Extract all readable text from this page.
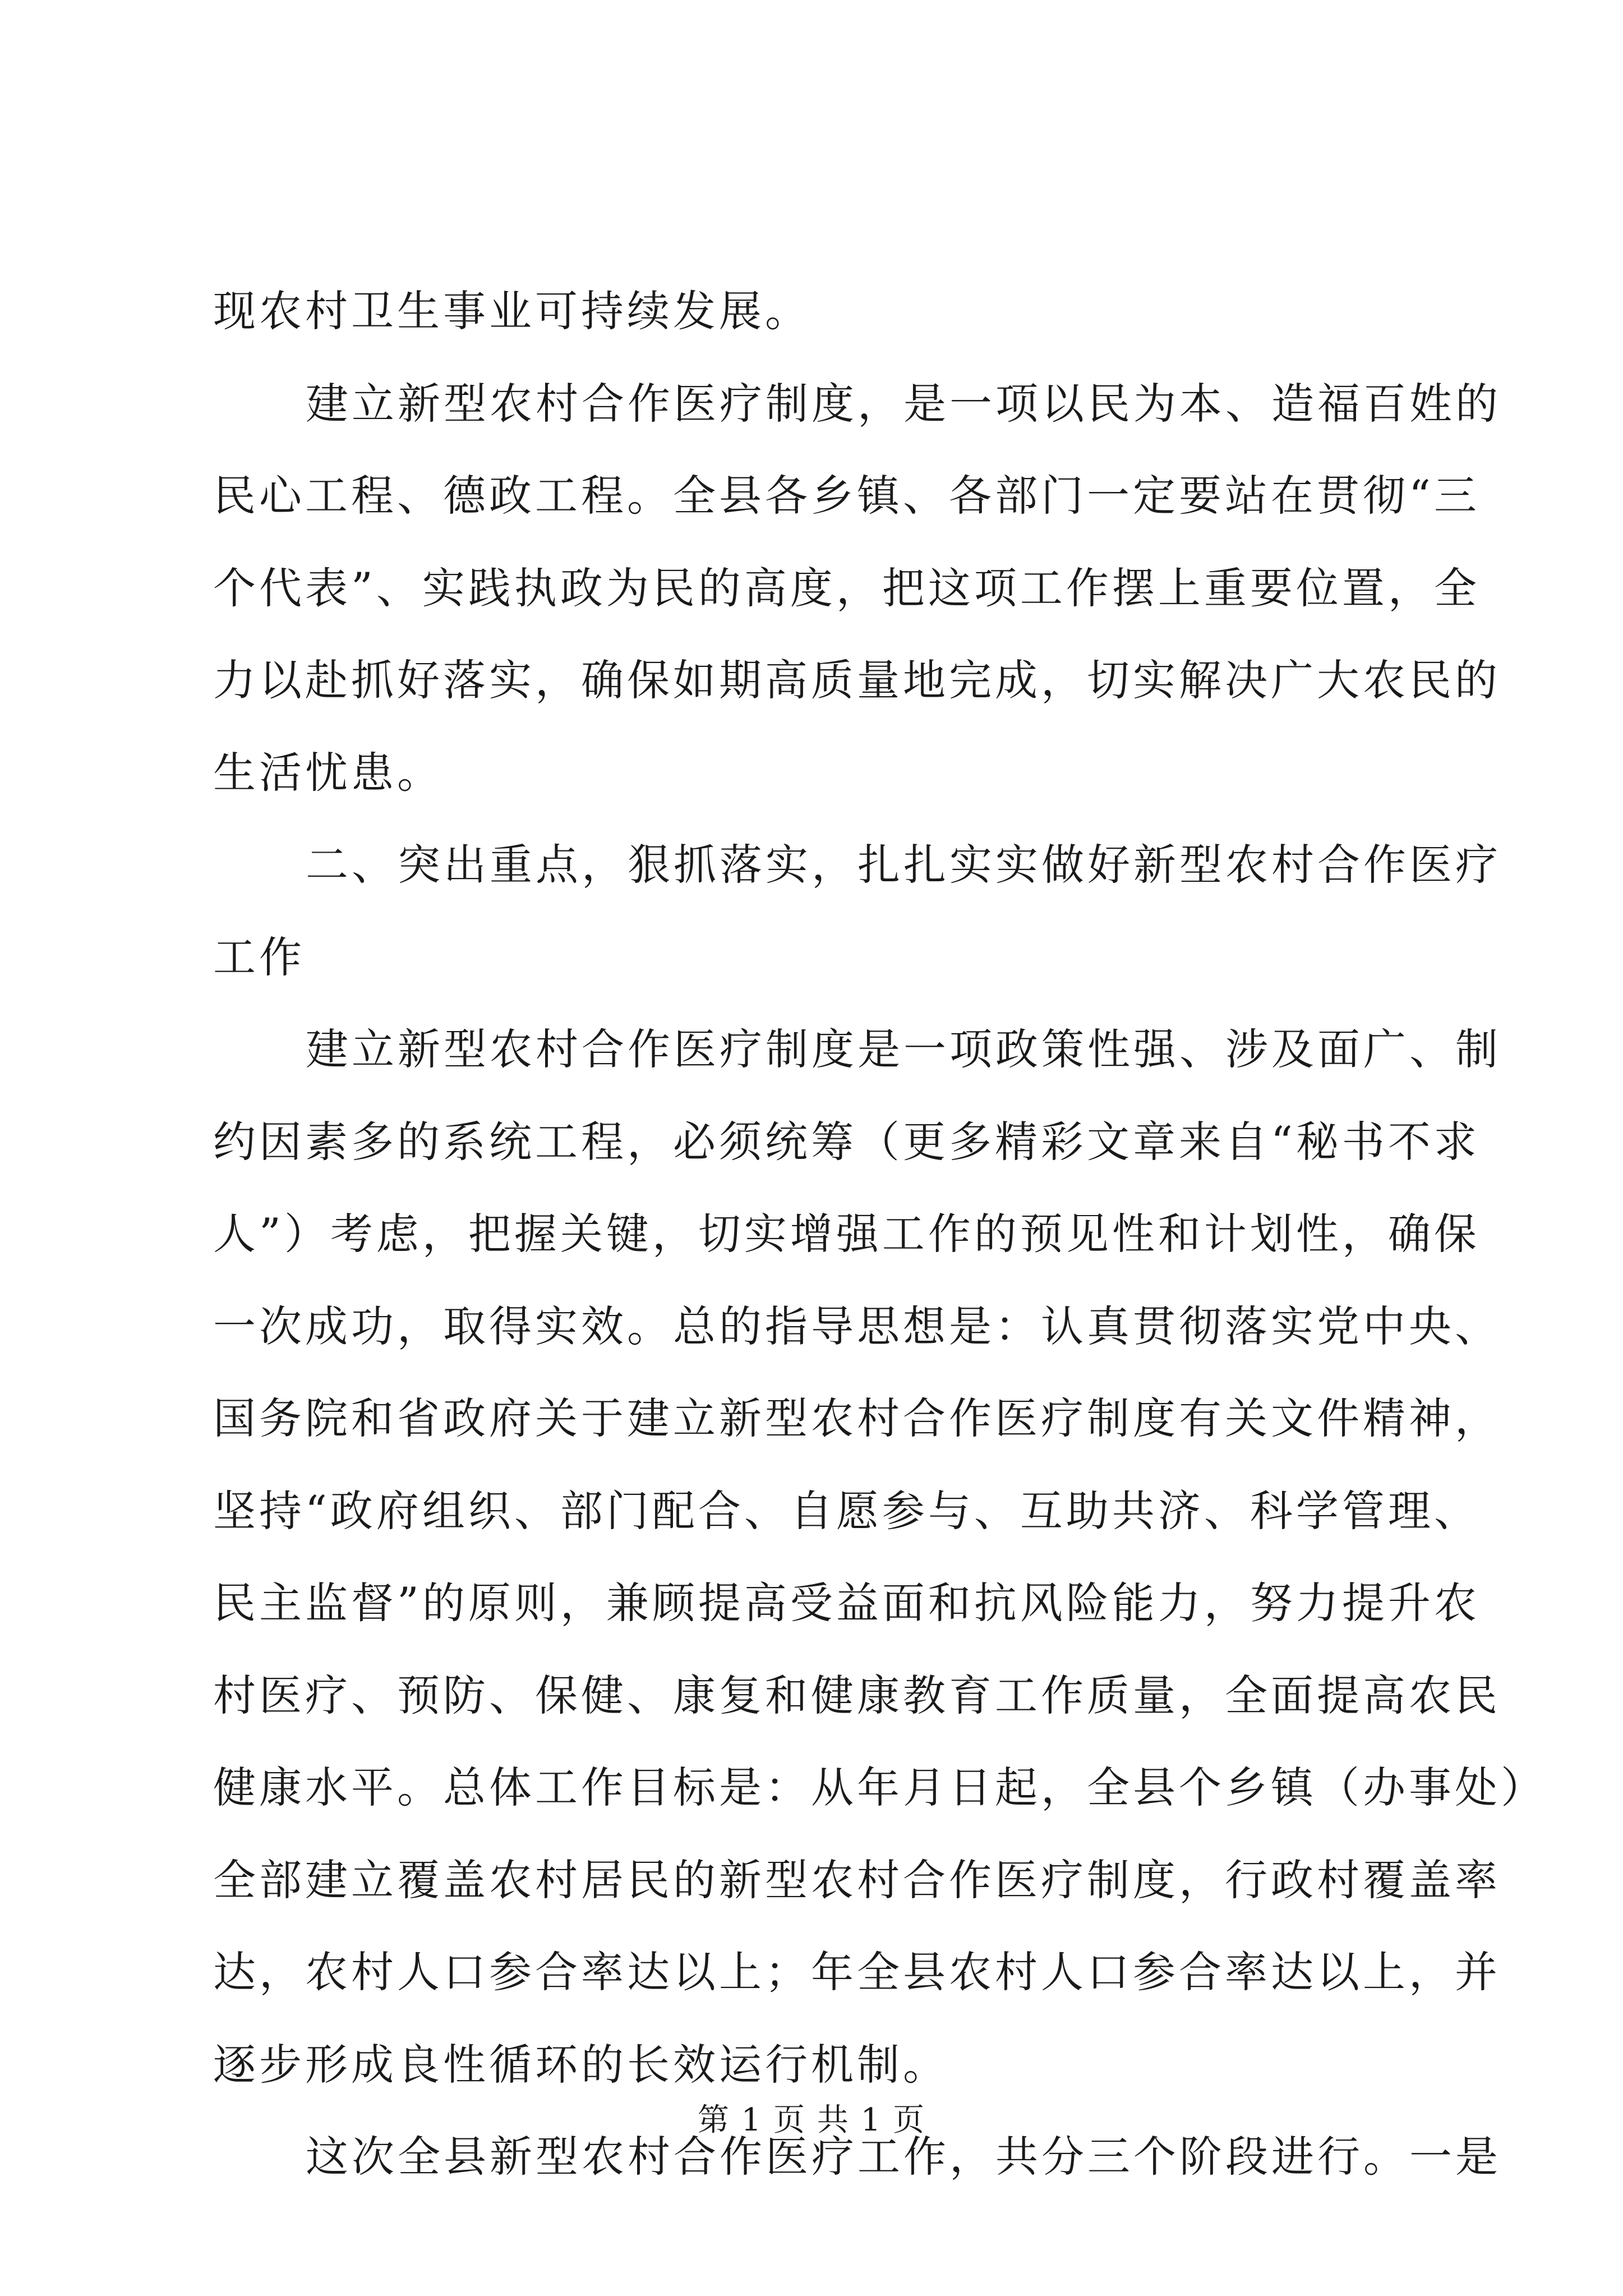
现农村卫生事业可持续发展。
建立新型农村合作医疗制度，是一项以民为本、造福百姓的
民心工程、德政工程。全县各乡镇、各部门一定要站在贯彻“三
个代表”、实践执政为民的高度，把这项工作摆上重要位置，全
力以赴抓好落实，确保如期高质量地完成，切实解决广大农民的
生活忧患。
二、突出重点，狠抓落实，扎扎实实做好新型农村合作医疗
工作
建立新型农村合作医疗制度是一项政策性强、涉及面广、制
约因素多的系统工程，必须统筹（更多精彩文章来自“秘书不求
人”）考虑，把握关键，切实增强工作的预见性和计划性，确保
一次成功，取得实效。总的指导思想是：认真贯彻落实党中央、
国务院和省政府关于建立新型农村合作医疗制度有关文件精神，
坚持“政府组织、部门配合、自愿参与、互助共济、科学管理、
民主监督”的原则，兼顾提高受益面和抗风险能力，努力提升农
村医疗、预防、保健、康复和健康教育工作质量，全面提高农民
健康水平。总体工作目标是：从年月日起，全县个乡镇（办事处）
全部建立覆盖农村居民的新型农村合作医疗制度，行政村覆盖率
达，农村人口参合率达以上；年全县农村人口参合率达以上，并
逐步形成良性循环的长效运行机制。
这次全县新型农村合作医疗工作，共分三个阶段进行。一是
第 1 页 共 1 页
